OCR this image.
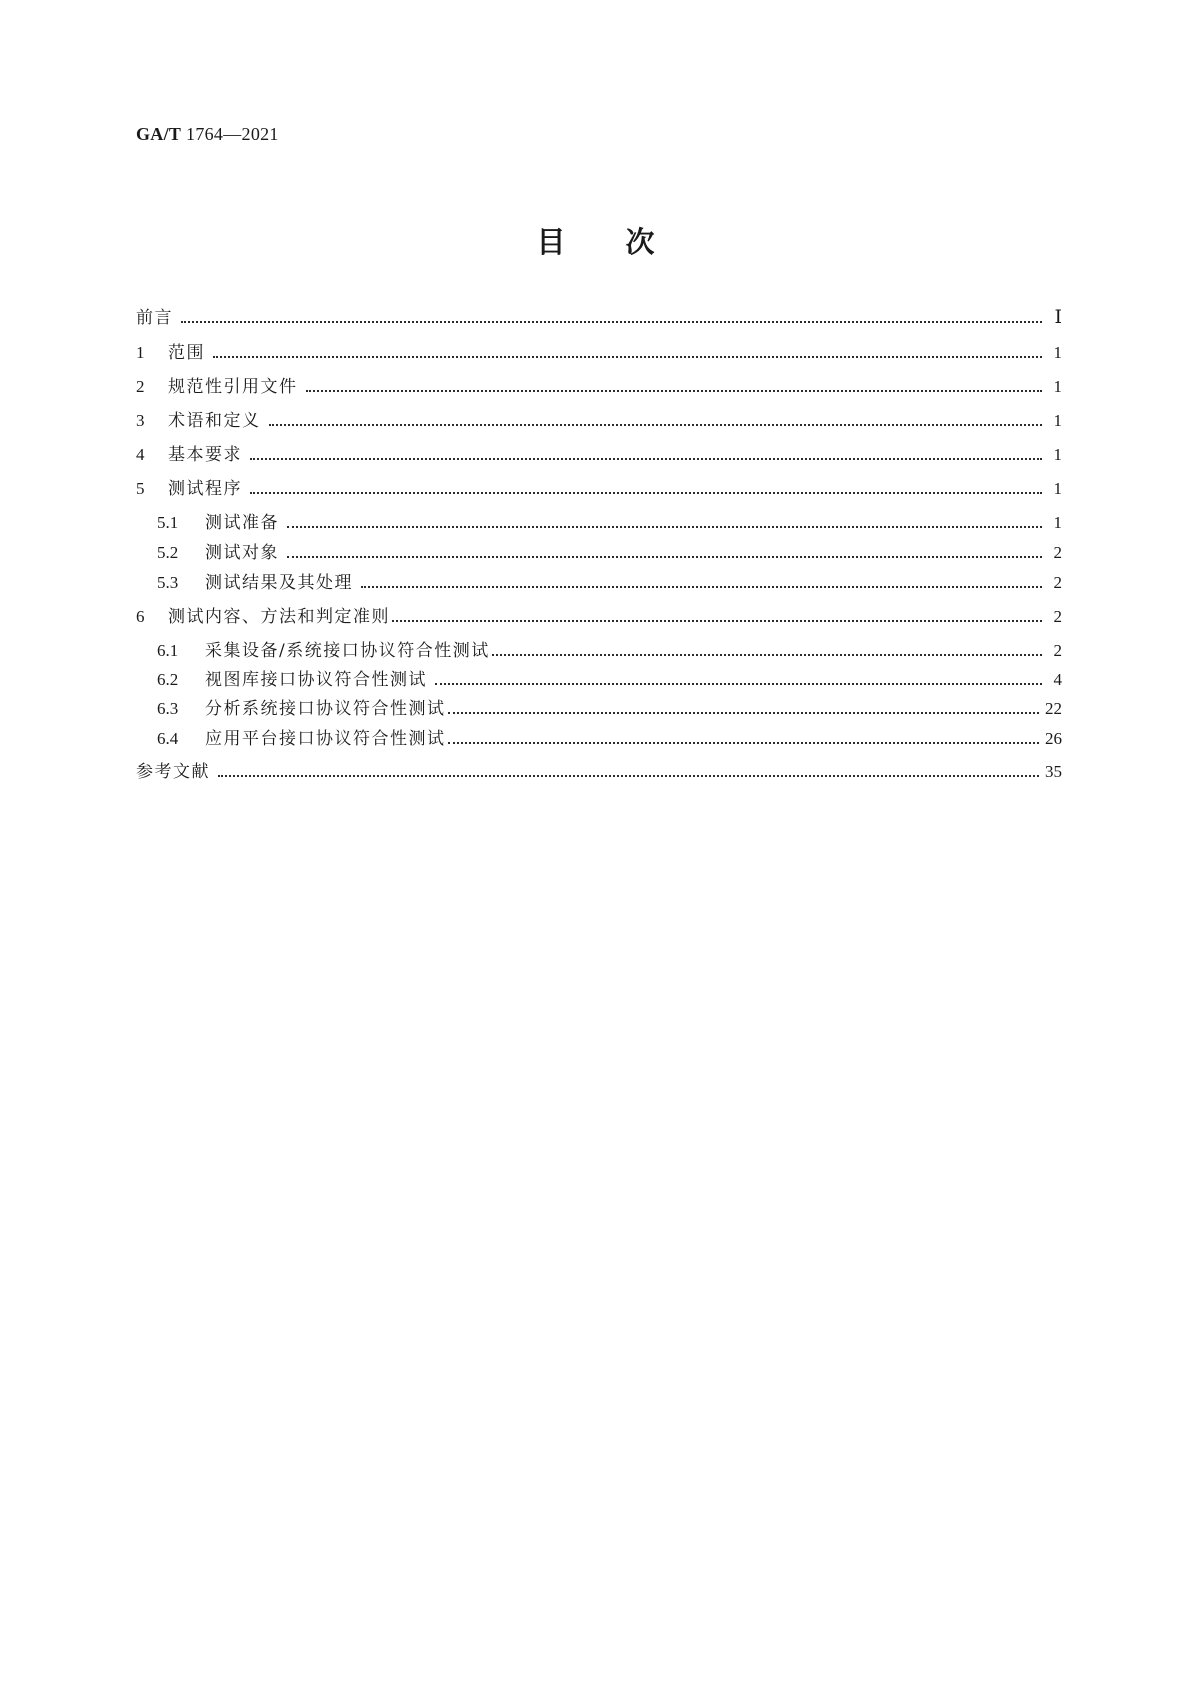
GA/T 1764—2021
目次
前言	Ⅰ
1	范围	1
2	规范性引用文件	1
3	术语和定义	1
4	基本要求	1
5	测试程序	1
5.1	测试准备	1
5.2	测试对象	2
5.3	测试结果及其处理	2
6	测试内容、方法和判定准则	2
6.1	采集设备/系统接口协议符合性测试	2
6.2	视图库接口协议符合性测试	4
6.3	分析系统接口协议符合性测试	22
6.4	应用平台接口协议符合性测试	26
参考文献	35
